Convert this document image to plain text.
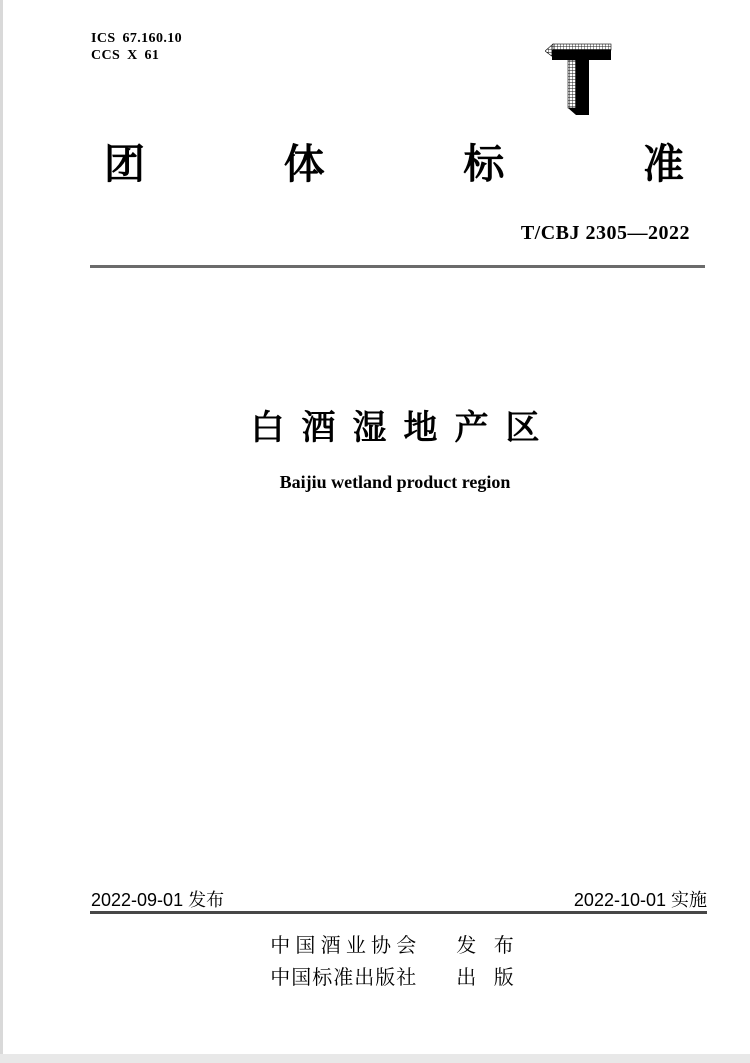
ICS 67.160.10
CCS X 61
团	体	标	准
T/CBJ 2305—2022
白酒湿地产区
Baijiu wetland product region
2022-09-01 发布	2022-10-01 实施
中国酒业协会 发 布
中国标准出版社 出 版
